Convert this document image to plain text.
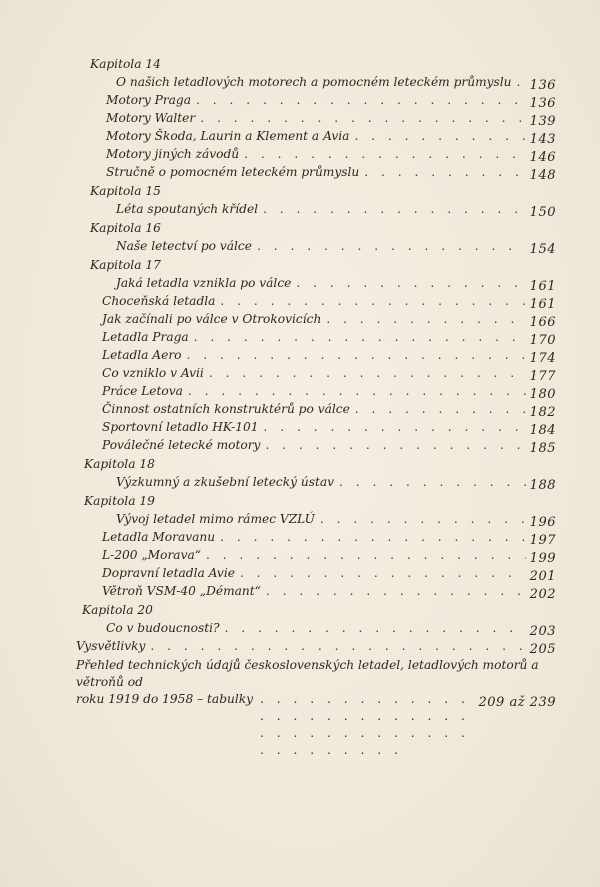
Kapitola 14
O našich letadlových motorech a pomocném leteckém průmyslu . . . 136
Motory Praga . . .	136
Motory Walter . . .	139
Motory Škoda, Laurin a Klement a Avia . . .	143
Motory jiných závodů . . .	146
Stručně o pomocném leteckém průmyslu . . .	148
Kapitola 15
Léta spoutaných křídel . . .	150
Kapitola 16
Naše letectví po válce . . .	154
Kapitola 17
Jaká letadla vznikla po válce . . .	161
Choceňská letadla . . .	161
Jak začínali po válce v Otrokovicích . . .	166
Letadla Praga . . .	170
Letadla Aero . . .	174
Co vzniklo v Avii . . .	177
Práce Letova . . .	180
Činnost ostatních konstruktérů po válce . . .	182
Sportovní letadlo HK-101 . . .	184
Poválečné letecké motory . . .	185
Kapitola 18
Výzkumný a zkušební letecký ústav . . .	188
Kapitola 19
Vývoj letadel mimo rámec VZLÚ . . .	196
Letadla Moravanu . . .	197
L-200 „Morava“ . . .	199
Dopravní letadla Avie . . .	201
Větroň VSM-40 „Démant“ . . .	202
Kapitola 20
Co v budoucnosti? . . .	203
Vysvětlivky . . .	205
Přehled technických údajů československých letadel, letadlových motorů a větroňů od
roku 1919 do 1958 – tabulky . . .	209 až 239
